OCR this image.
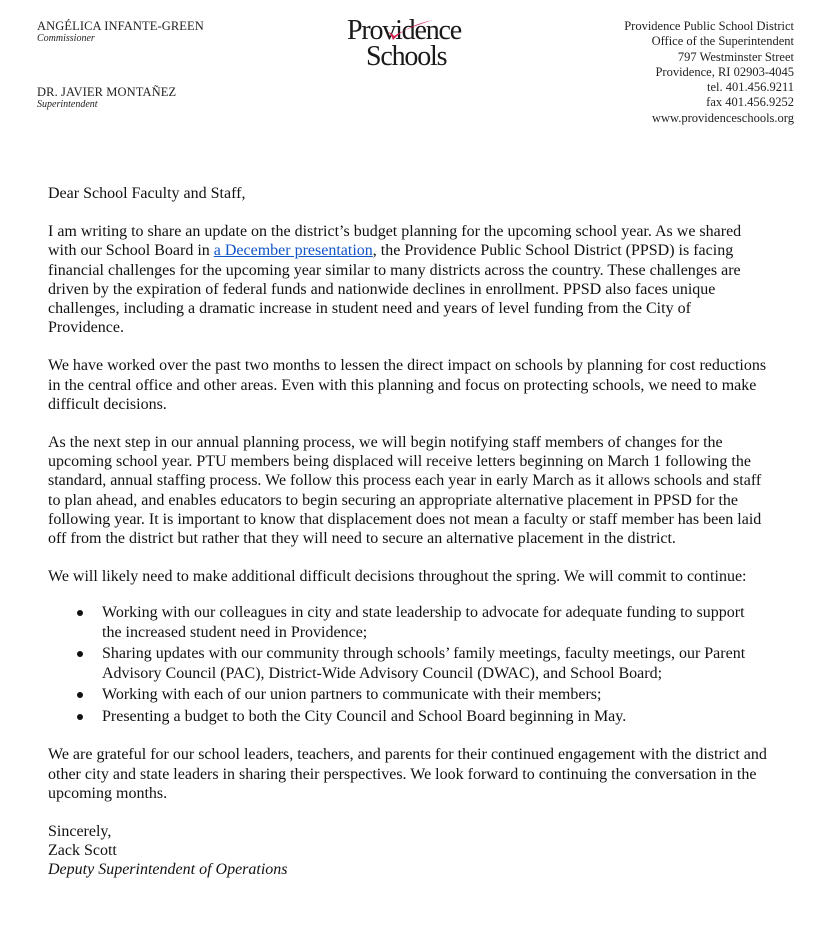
ANGÉLICA INFANTE-GREEN
Commissioner
DR. JAVIER MONTAÑEZ
Superintendent
Providence
Schools
Providence Public School District
Office of the Superintendent
797 Westminster Street
Providence, RI 02903-4045
tel. 401.456.9211
fax 401.456.9252
www.providenceschools.org

Dear School Faculty and Staff,

I am writing to share an update on the district’s budget planning for the upcoming school year. As we shared with our School Board in a December presentation, the Providence Public School District (PPSD) is facing financial challenges for the upcoming year similar to many districts across the country. These challenges are driven by the expiration of federal funds and nationwide declines in enrollment. PPSD also faces unique challenges, including a dramatic increase in student need and years of level funding from the City of Providence.

We have worked over the past two months to lessen the direct impact on schools by planning for cost reductions in the central office and other areas. Even with this planning and focus on protecting schools, we need to make difficult decisions.

As the next step in our annual planning process, we will begin notifying staff members of changes for the upcoming school year. PTU members being displaced will receive letters beginning on March 1 following the standard, annual staffing process. We follow this process each year in early March as it allows schools and staff to plan ahead, and enables educators to begin securing an appropriate alternative placement in PPSD for the following year. It is important to know that displacement does not mean a faculty or staff member has been laid off from the district but rather that they will need to secure an alternative placement in the district.

We will likely need to make additional difficult decisions throughout the spring. We will commit to continue:

Working with our colleagues in city and state leadership to advocate for adequate funding to support the increased student need in Providence;
Sharing updates with our community through schools’ family meetings, faculty meetings, our Parent Advisory Council (PAC), District-Wide Advisory Council (DWAC), and School Board;
Working with each of our union partners to communicate with their members;
Presenting a budget to both the City Council and School Board beginning in May.

We are grateful for our school leaders, teachers, and parents for their continued engagement with the district and other city and state leaders in sharing their perspectives. We look forward to continuing the conversation in the upcoming months.

Sincerely,

Zack Scott

Deputy Superintendent of Operations
